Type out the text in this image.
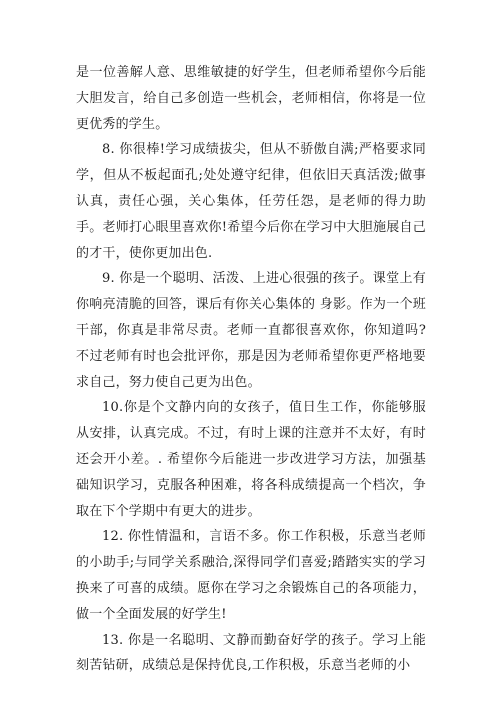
是一位善解人意、思维敏捷的好学生，但老师希望你今后能大胆发言，给自己多创造一些机会，老师相信，你将是一位更优秀的学生。

8. 你很棒!学习成绩拔尖，但从不骄傲自满;严格要求同学，但从不板起面孔;处处遵守纪律，但依旧天真活泼;做事认真，责任心强，关心集体，任劳任怨，是老师的得力助手。老师打心眼里喜欢你!希望今后你在学习中大胆施展自己的才干，使你更加出色.

9. 你是一个聪明、活泼、上进心很强的孩子。课堂上有你响亮清脆的回答，课后有你关心集体的 身影。作为一个班干部，你真是非常尽责。老师一直都很喜欢你，你知道吗?不过老师有时也会批评你，那是因为老师希望你更严格地要求自己，努力使自己更为出色。

10.你是个文静内向的女孩子，值日生工作，你能够服从安排，认真完成。不过，有时上课的注意并不太好，有时还会开小差。. 希望你今后能进一步改进学习方法，加强基础知识学习，克服各种困难，将各科成绩提高一个档次，争取在下个学期中有更大的进步。

12. 你性情温和，言语不多。你工作积极，乐意当老师的小助手;与同学关系融洽,深得同学们喜爱;踏踏实实的学习换来了可喜的成绩。愿你在学习之余锻炼自己的各项能力，做一个全面发展的好学生!

13. 你是一名聪明、文静而勤奋好学的孩子。学习上能刻苦钻研，成绩总是保持优良,工作积极，乐意当老师的小
